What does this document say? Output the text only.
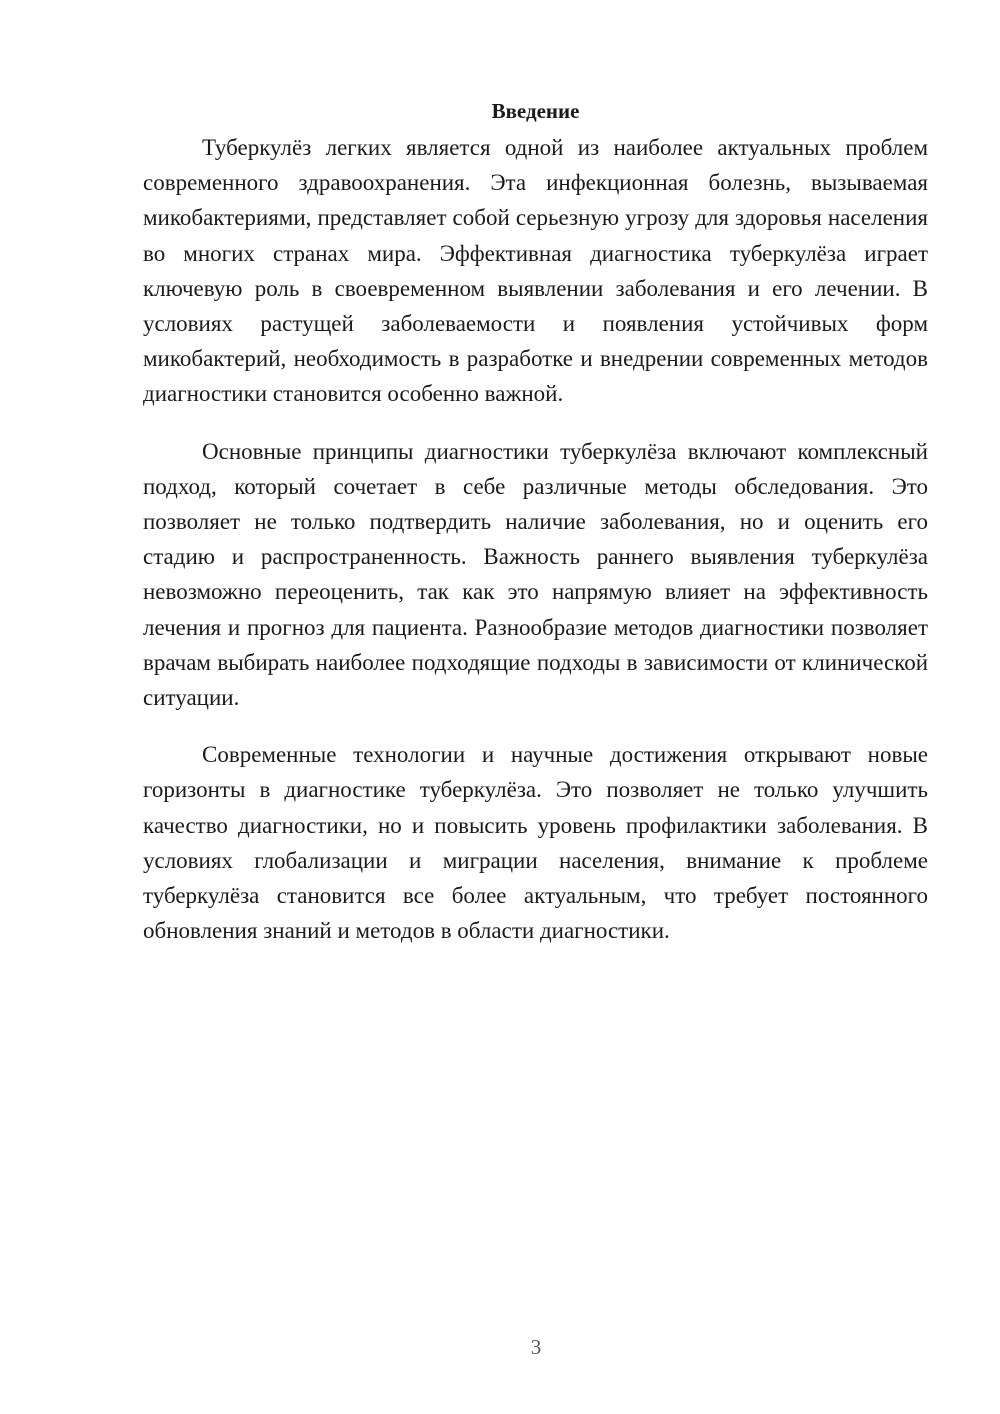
Введение

Туберкулёз легких является одной из наиболее актуальных проблем современного здравоохранения. Эта инфекционная болезнь, вызываемая микобактериями, представляет собой серьезную угрозу для здоровья населения во многих странах мира. Эффективная диагностика туберкулёза играет ключевую роль в своевременном выявлении заболевания и его лечении. В условиях растущей заболеваемости и появления устойчивых форм микобактерий, необходимость в разработке и внедрении современных методов диагностики становится особенно важной.

Основные принципы диагностики туберкулёза включают комплексный подход, который сочетает в себе различные методы обследования. Это позволяет не только подтвердить наличие заболевания, но и оценить его стадию и распространенность. Важность раннего выявления туберкулёза невозможно переоценить, так как это напрямую влияет на эффективность лечения и прогноз для пациента. Разнообразие методов диагностики позволяет врачам выбирать наиболее подходящие подходы в зависимости от клинической ситуации.

Современные технологии и научные достижения открывают новые горизонты в диагностике туберкулёза. Это позволяет не только улучшить качество диагностики, но и повысить уровень профилактики заболевания. В условиях глобализации и миграции населения, внимание к проблеме туберкулёза становится все более актуальным, что требует постоянного обновления знаний и методов в области диагностики.

3
